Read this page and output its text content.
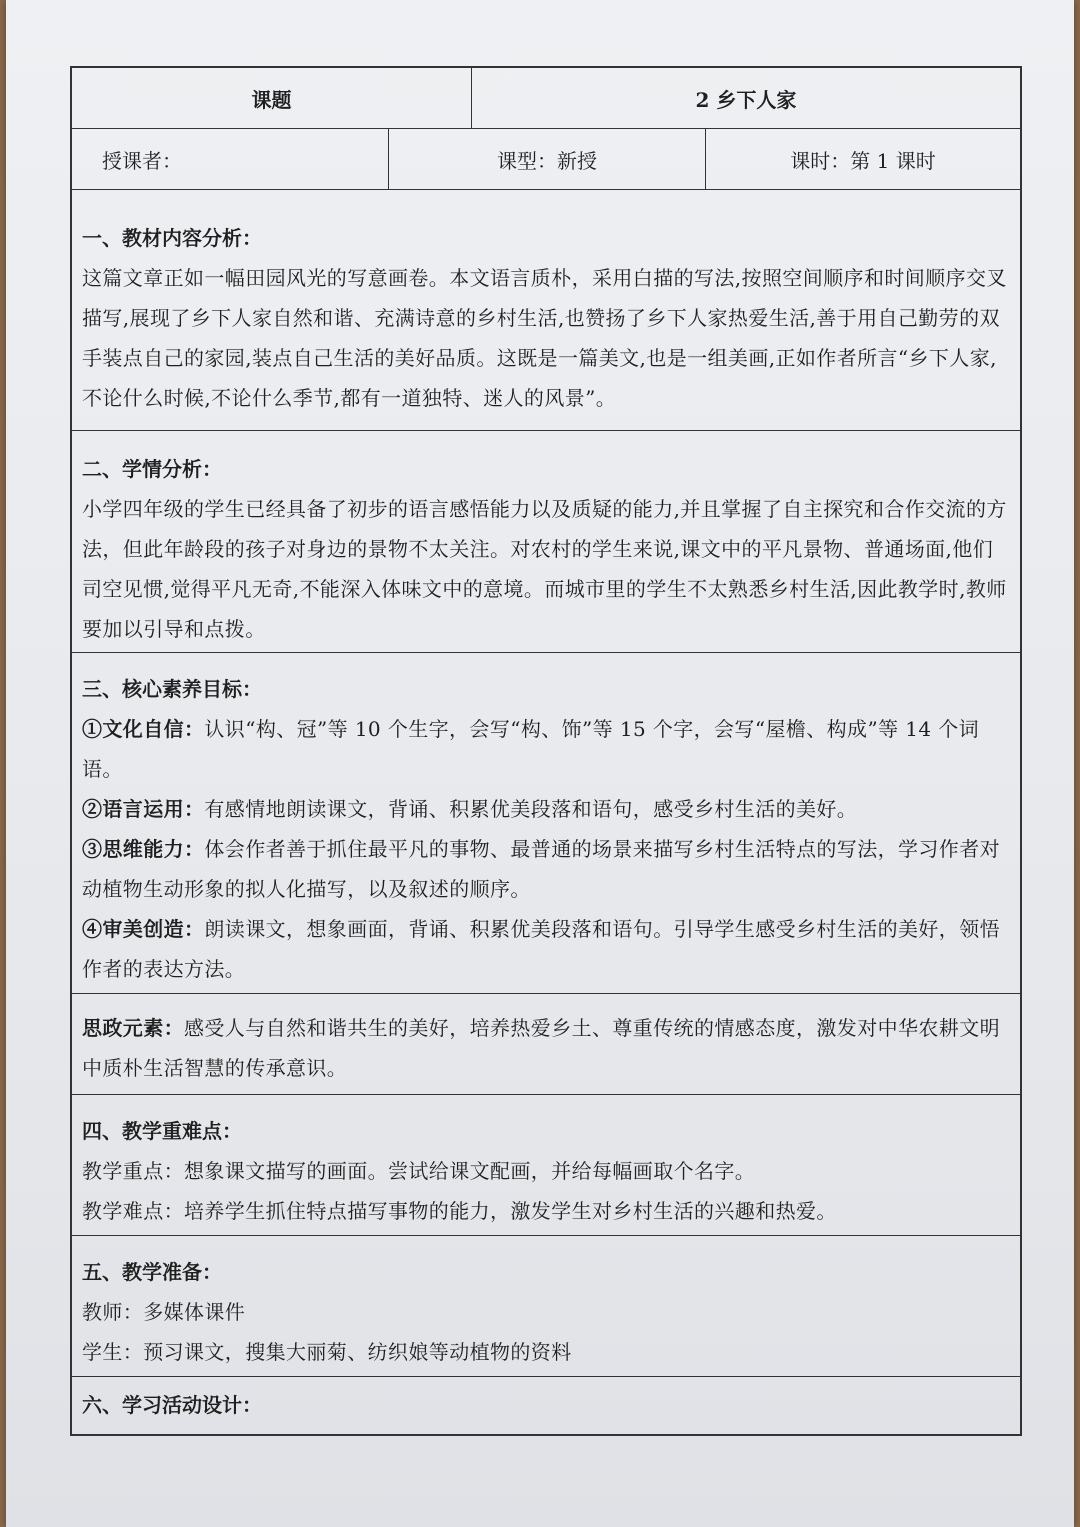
课题	2 乡下人家
授课者：	课型：新授	课时：第 1 课时
一、教材内容分析：
这篇文章正如一幅田园风光的写意画卷。本文语言质朴，采用白描的写法,按照空间顺序和时间顺序交叉描写,展现了乡下人家自然和谐、充满诗意的乡村生活,也赞扬了乡下人家热爱生活,善于用自己勤劳的双手装点自己的家园,装点自己生活的美好品质。这既是一篇美文,也是一组美画,正如作者所言“乡下人家,不论什么时候,不论什么季节,都有一道独特、迷人的风景”。
二、学情分析：
小学四年级的学生已经具备了初步的语言感悟能力以及质疑的能力,并且掌握了自主探究和合作交流的方法，但此年龄段的孩子对身边的景物不太关注。对农村的学生来说,课文中的平凡景物、普通场面,他们司空见惯,觉得平凡无奇,不能深入体味文中的意境。而城市里的学生不太熟悉乡村生活,因此教学时,教师要加以引导和点拨。
三、核心素养目标：
①文化自信：认识“构、冠”等 10 个生字，会写“构、饰”等 15 个字，会写“屋檐、构成”等 14 个词语。
②语言运用：有感情地朗读课文，背诵、积累优美段落和语句，感受乡村生活的美好。
③思维能力：体会作者善于抓住最平凡的事物、最普通的场景来描写乡村生活特点的写法，学习作者对动植物生动形象的拟人化描写，以及叙述的顺序。
④审美创造：朗读课文，想象画面，背诵、积累优美段落和语句。引导学生感受乡村生活的美好，领悟作者的表达方法。
思政元素：感受人与自然和谐共生的美好，培养热爱乡土、尊重传统的情感态度，激发对中华农耕文明中质朴生活智慧的传承意识。
四、教学重难点：
教学重点：想象课文描写的画面。尝试给课文配画，并给每幅画取个名字。
教学难点：培养学生抓住特点描写事物的能力，激发学生对乡村生活的兴趣和热爱。
五、教学准备：
教师：多媒体课件
学生：预习课文，搜集大丽菊、纺织娘等动植物的资料
六、学习活动设计：
